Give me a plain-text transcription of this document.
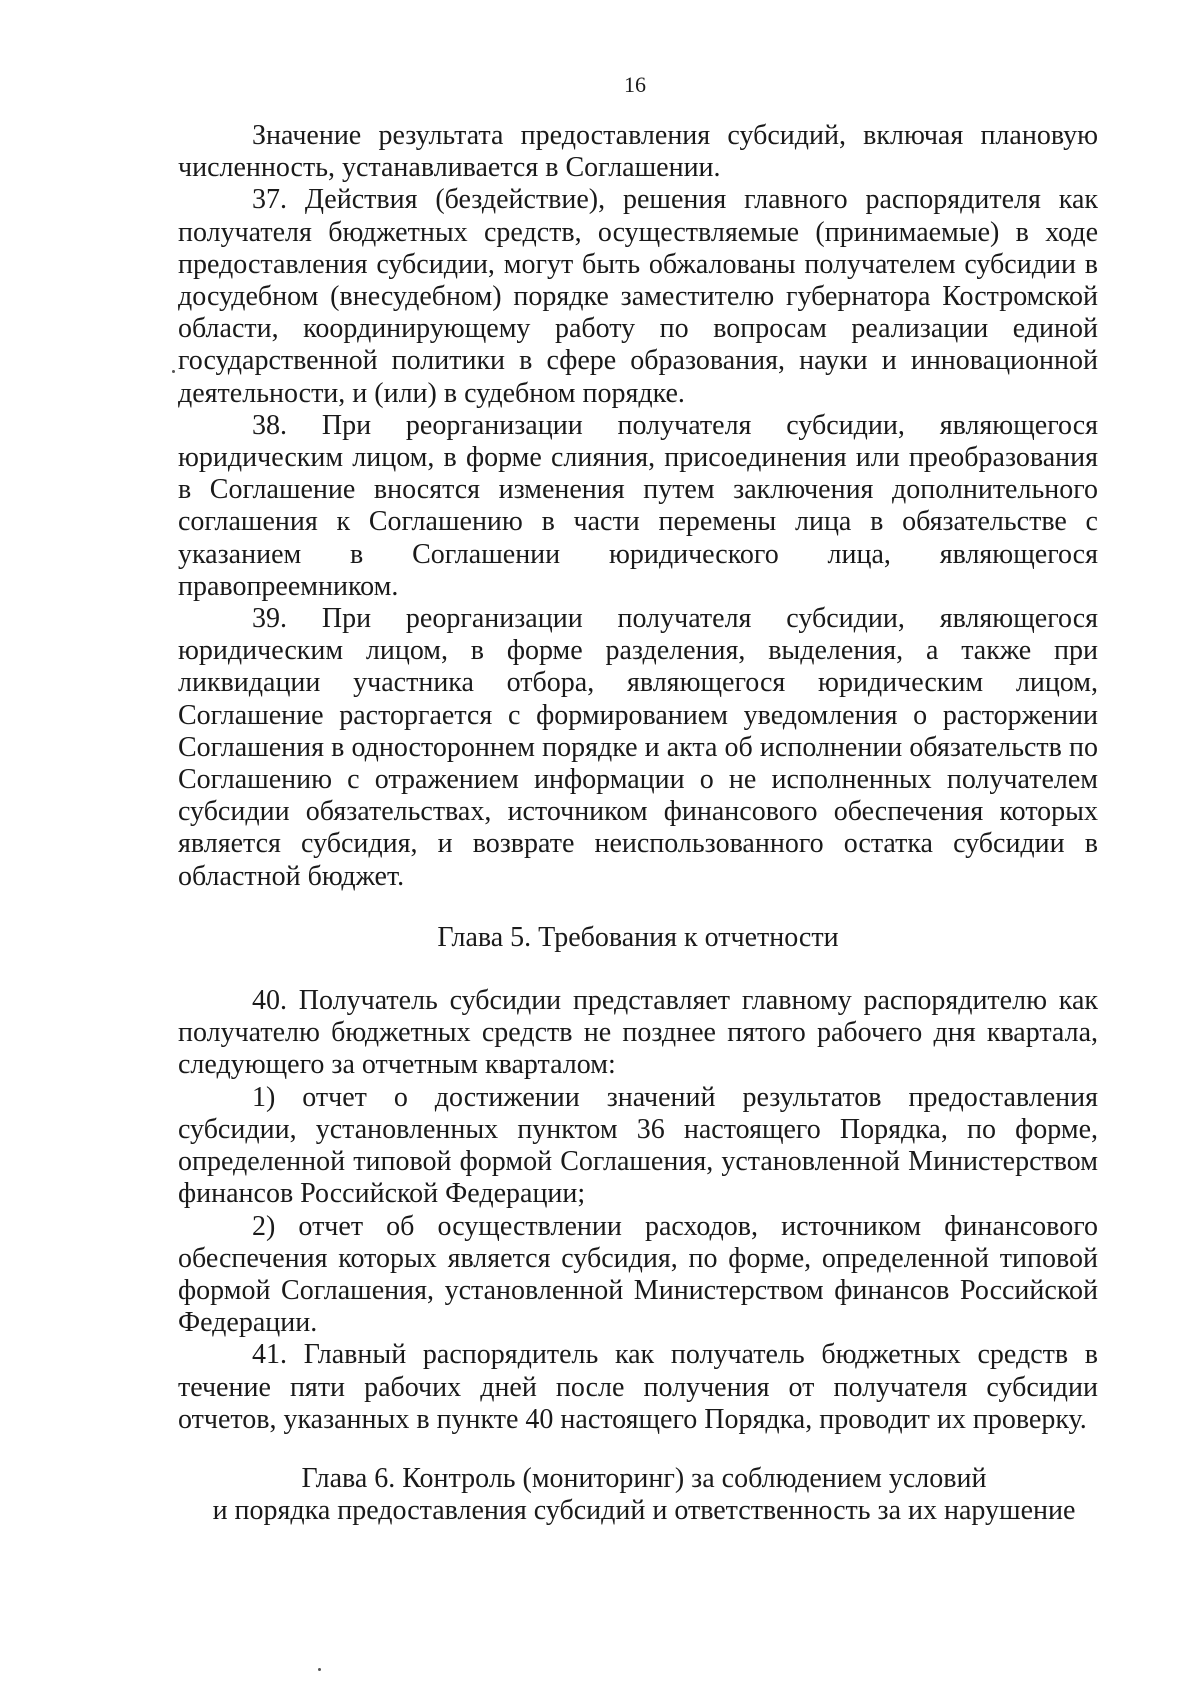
16

Значение результата предоставления субсидий, включая плановую численность, устанавливается в Соглашении.

37. Действия (бездействие), решения главного распорядителя как получателя бюджетных средств, осуществляемые (принимаемые) в ходе предоставления субсидии, могут быть обжалованы получателем субсидии в досудебном (внесудебном) порядке заместителю губернатора Костромской области, координирующему работу по вопросам реализации единой государственной политики в сфере образования, науки и инновационной деятельности, и (или) в судебном порядке.

38. При реорганизации получателя субсидии, являющегося юридическим лицом, в форме слияния, присоединения или преобразования в Соглашение вносятся изменения путем заключения дополнительного соглашения к Соглашению в части перемены лица в обязательстве с указанием в Соглашении юридического лица, являющегося правопреемником.

39. При реорганизации получателя субсидии, являющегося юридическим лицом, в форме разделения, выделения, а также при ликвидации участника отбора, являющегося юридическим лицом, Соглашение расторгается с формированием уведомления о расторжении Соглашения в одностороннем порядке и акта об исполнении обязательств по Соглашению с отражением информации о не исполненных получателем субсидии обязательствах, источником финансового обеспечения которых является субсидия, и возврате неиспользованного остатка субсидии в областной бюджет.

Глава 5. Требования к отчетности

40. Получатель субсидии представляет главному распорядителю как получателю бюджетных средств не позднее пятого рабочего дня квартала, следующего за отчетным кварталом:

1) отчет о достижении значений результатов предоставления субсидии, установленных пунктом 36 настоящего Порядка, по форме, определенной типовой формой Соглашения, установленной Министерством финансов Российской Федерации;

2) отчет об осуществлении расходов, источником финансового обеспечения которых является субсидия, по форме, определенной типовой формой Соглашения, установленной Министерством финансов Российской Федерации.

41. Главный распорядитель как получатель бюджетных средств в течение пяти рабочих дней после получения от получателя субсидии отчетов, указанных в пункте 40 настоящего Порядка, проводит их проверку.

Глава 6. Контроль (мониторинг) за соблюдением условий
и порядка предоставления субсидий и ответственность за их нарушение
